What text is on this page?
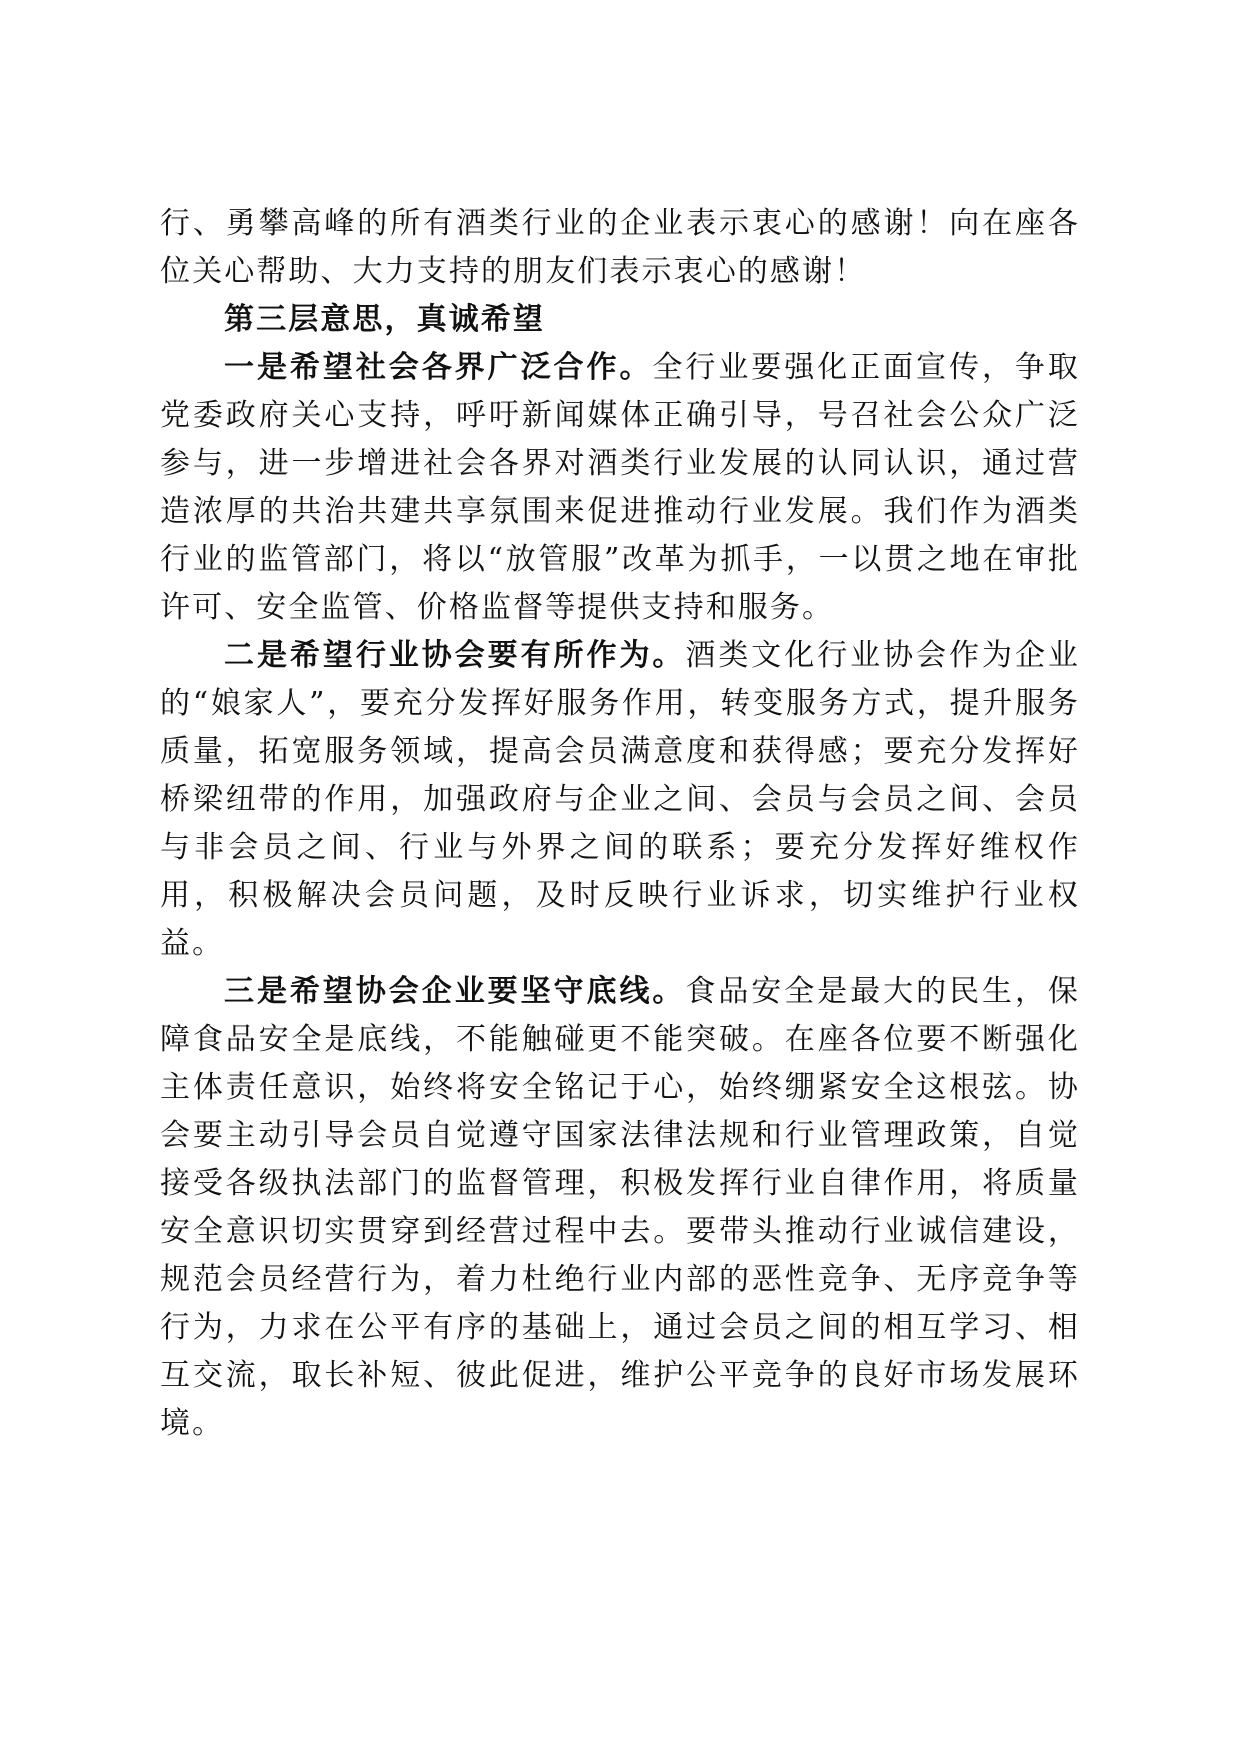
行、勇攀高峰的所有酒类行业的企业表示衷心的感谢！向在座各位关心帮助、大力支持的朋友们表示衷心的感谢！

第三层意思，真诚希望

一是希望社会各界广泛合作。全行业要强化正面宣传，争取党委政府关心支持，呼吁新闻媒体正确引导，号召社会公众广泛参与，进一步增进社会各界对酒类行业发展的认同认识，通过营造浓厚的共治共建共享氛围来促进推动行业发展。我们作为酒类行业的监管部门，将以“放管服”改革为抓手，一以贯之地在审批许可、安全监管、价格监督等提供支持和服务。

二是希望行业协会要有所作为。酒类文化行业协会作为企业的“娘家人”，要充分发挥好服务作用，转变服务方式，提升服务质量，拓宽服务领域，提高会员满意度和获得感；要充分发挥好桥梁纽带的作用，加强政府与企业之间、会员与会员之间、会员与非会员之间、行业与外界之间的联系；要充分发挥好维权作用，积极解决会员问题，及时反映行业诉求，切实维护行业权益。

三是希望协会企业要坚守底线。食品安全是最大的民生，保障食品安全是底线，不能触碰更不能突破。在座各位要不断强化主体责任意识，始终将安全铭记于心，始终绷紧安全这根弦。协会要主动引导会员自觉遵守国家法律法规和行业管理政策，自觉接受各级执法部门的监督管理，积极发挥行业自律作用，将质量安全意识切实贯穿到经营过程中去。要带头推动行业诚信建设，规范会员经营行为，着力杜绝行业内部的恶性竞争、无序竞争等行为，力求在公平有序的基础上，通过会员之间的相互学习、相互交流，取长补短、彼此促进，维护公平竞争的良好市场发展环境。
